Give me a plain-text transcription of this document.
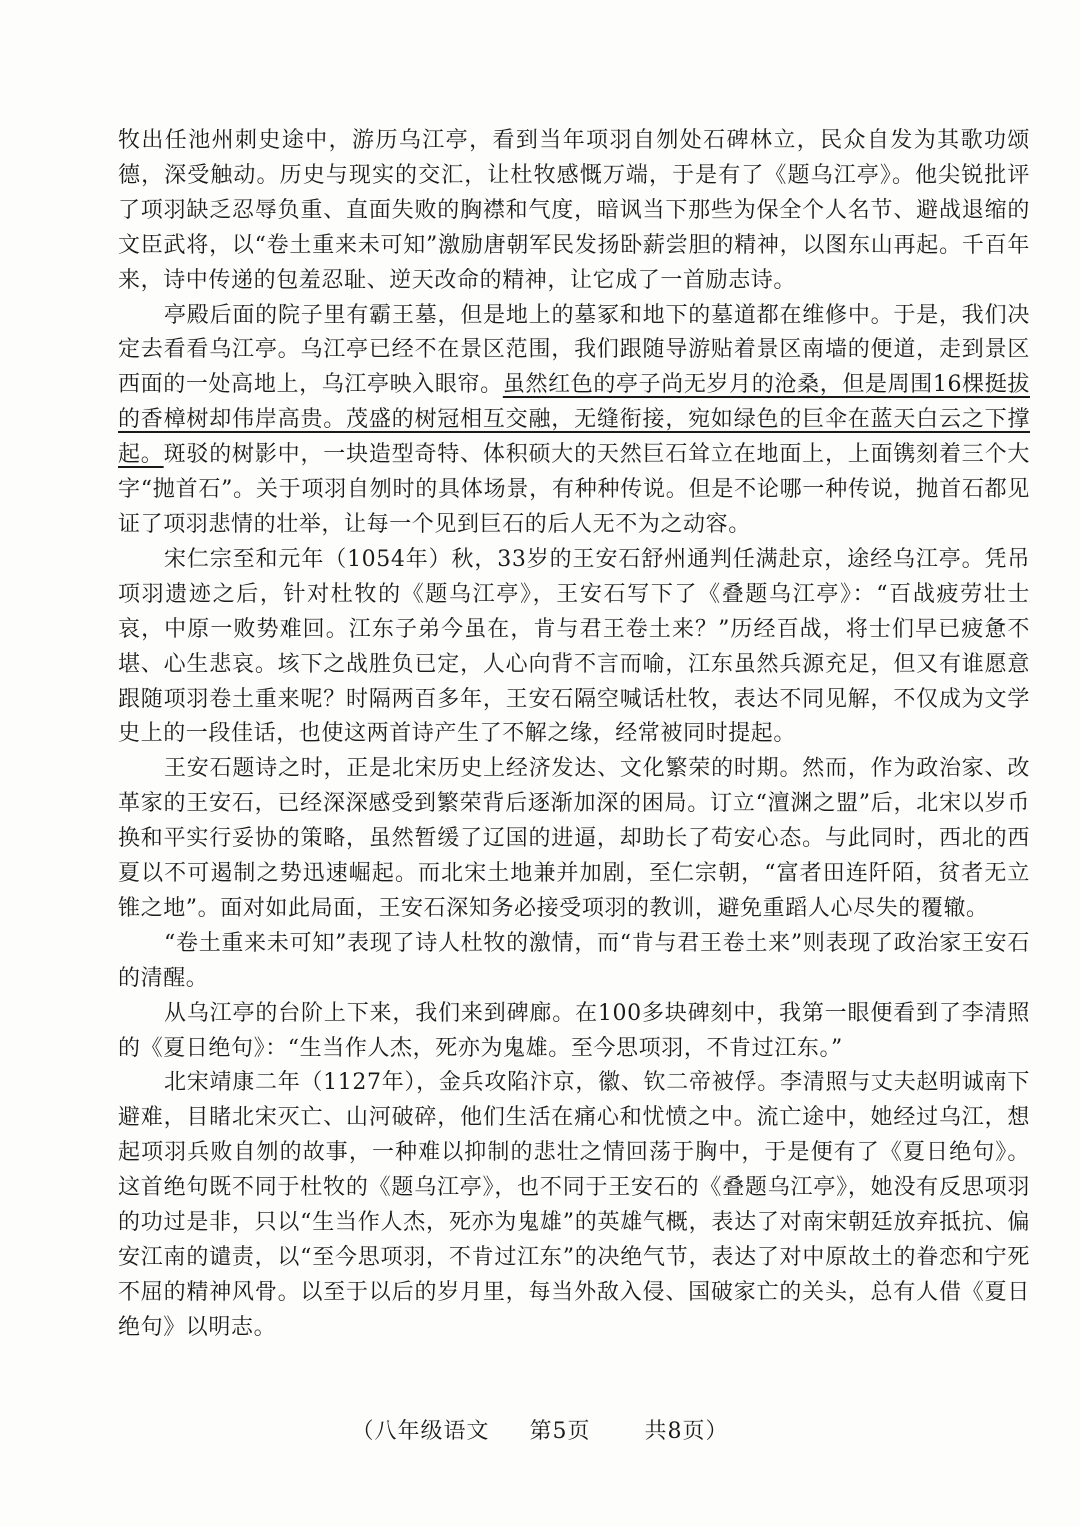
牧出任池州刺史途中，游历乌江亭，看到当年项羽自刎处石碑林立，民众自发为其歌功颂德，深受触动。历史与现实的交汇，让杜牧感慨万端，于是有了《题乌江亭》。他尖锐批评了项羽缺乏忍辱负重、直面失败的胸襟和气度，暗讽当下那些为保全个人名节、避战退缩的文臣武将，以“卷土重来未可知”激励唐朝军民发扬卧薪尝胆的精神，以图东山再起。千百年来，诗中传递的包羞忍耻、逆天改命的精神，让它成了一首励志诗。

亭殿后面的院子里有霸王墓，但是地上的墓冢和地下的墓道都在维修中。于是，我们决定去看看乌江亭。乌江亭已经不在景区范围，我们跟随导游贴着景区南墙的便道，走到景区西面的一处高地上，乌江亭映入眼帘。虽然红色的亭子尚无岁月的沧桑，但是周围16棵挺拔的香樟树却伟岸高贵。茂盛的树冠相互交融，无缝衔接，宛如绿色的巨伞在蓝天白云之下撑起。斑驳的树影中，一块造型奇特、体积硕大的天然巨石耸立在地面上，上面镌刻着三个大字“抛首石”。关于项羽自刎时的具体场景，有种种传说。但是不论哪一种传说，抛首石都见证了项羽悲情的壮举，让每一个见到巨石的后人无不为之动容。

宋仁宗至和元年（1054年）秋，33岁的王安石舒州通判任满赴京，途经乌江亭。凭吊项羽遗迹之后，针对杜牧的《题乌江亭》，王安石写下了《叠题乌江亭》：“百战疲劳壮士哀，中原一败势难回。江东子弟今虽在，肯与君王卷土来？”历经百战，将士们早已疲惫不堪、心生悲哀。垓下之战胜负已定，人心向背不言而喻，江东虽然兵源充足，但又有谁愿意跟随项羽卷土重来呢？时隔两百多年，王安石隔空喊话杜牧，表达不同见解，不仅成为文学史上的一段佳话，也使这两首诗产生了不解之缘，经常被同时提起。

王安石题诗之时，正是北宋历史上经济发达、文化繁荣的时期。然而，作为政治家、改革家的王安石，已经深深感受到繁荣背后逐渐加深的困局。订立“澶渊之盟”后，北宋以岁币换和平实行妥协的策略，虽然暂缓了辽国的进逼，却助长了苟安心态。与此同时，西北的西夏以不可遏制之势迅速崛起。而北宋土地兼并加剧，至仁宗朝，“富者田连阡陌，贫者无立锥之地”。面对如此局面，王安石深知务必接受项羽的教训，避免重蹈人心尽失的覆辙。

“卷土重来未可知”表现了诗人杜牧的激情，而“肯与君王卷土来”则表现了政治家王安石的清醒。

从乌江亭的台阶上下来，我们来到碑廊。在100多块碑刻中，我第一眼便看到了李清照的《夏日绝句》：“生当作人杰，死亦为鬼雄。至今思项羽，不肯过江东。”

北宋靖康二年（1127年），金兵攻陷汴京，徽、钦二帝被俘。李清照与丈夫赵明诚南下避难，目睹北宋灭亡、山河破碎，他们生活在痛心和忧愤之中。流亡途中，她经过乌江，想起项羽兵败自刎的故事，一种难以抑制的悲壮之情回荡于胸中，于是便有了《夏日绝句》。这首绝句既不同于杜牧的《题乌江亭》，也不同于王安石的《叠题乌江亭》，她没有反思项羽的功过是非，只以“生当作人杰，死亦为鬼雄”的英雄气概，表达了对南宋朝廷放弃抵抗、偏安江南的谴责，以“至今思项羽，不肯过江东”的决绝气节，表达了对中原故土的眷恋和宁死不屈的精神风骨。以至于以后的岁月里，每当外敌入侵、国破家亡的关头，总有人借《夏日绝句》以明志。

（八年级语文 第5页 共8页）
